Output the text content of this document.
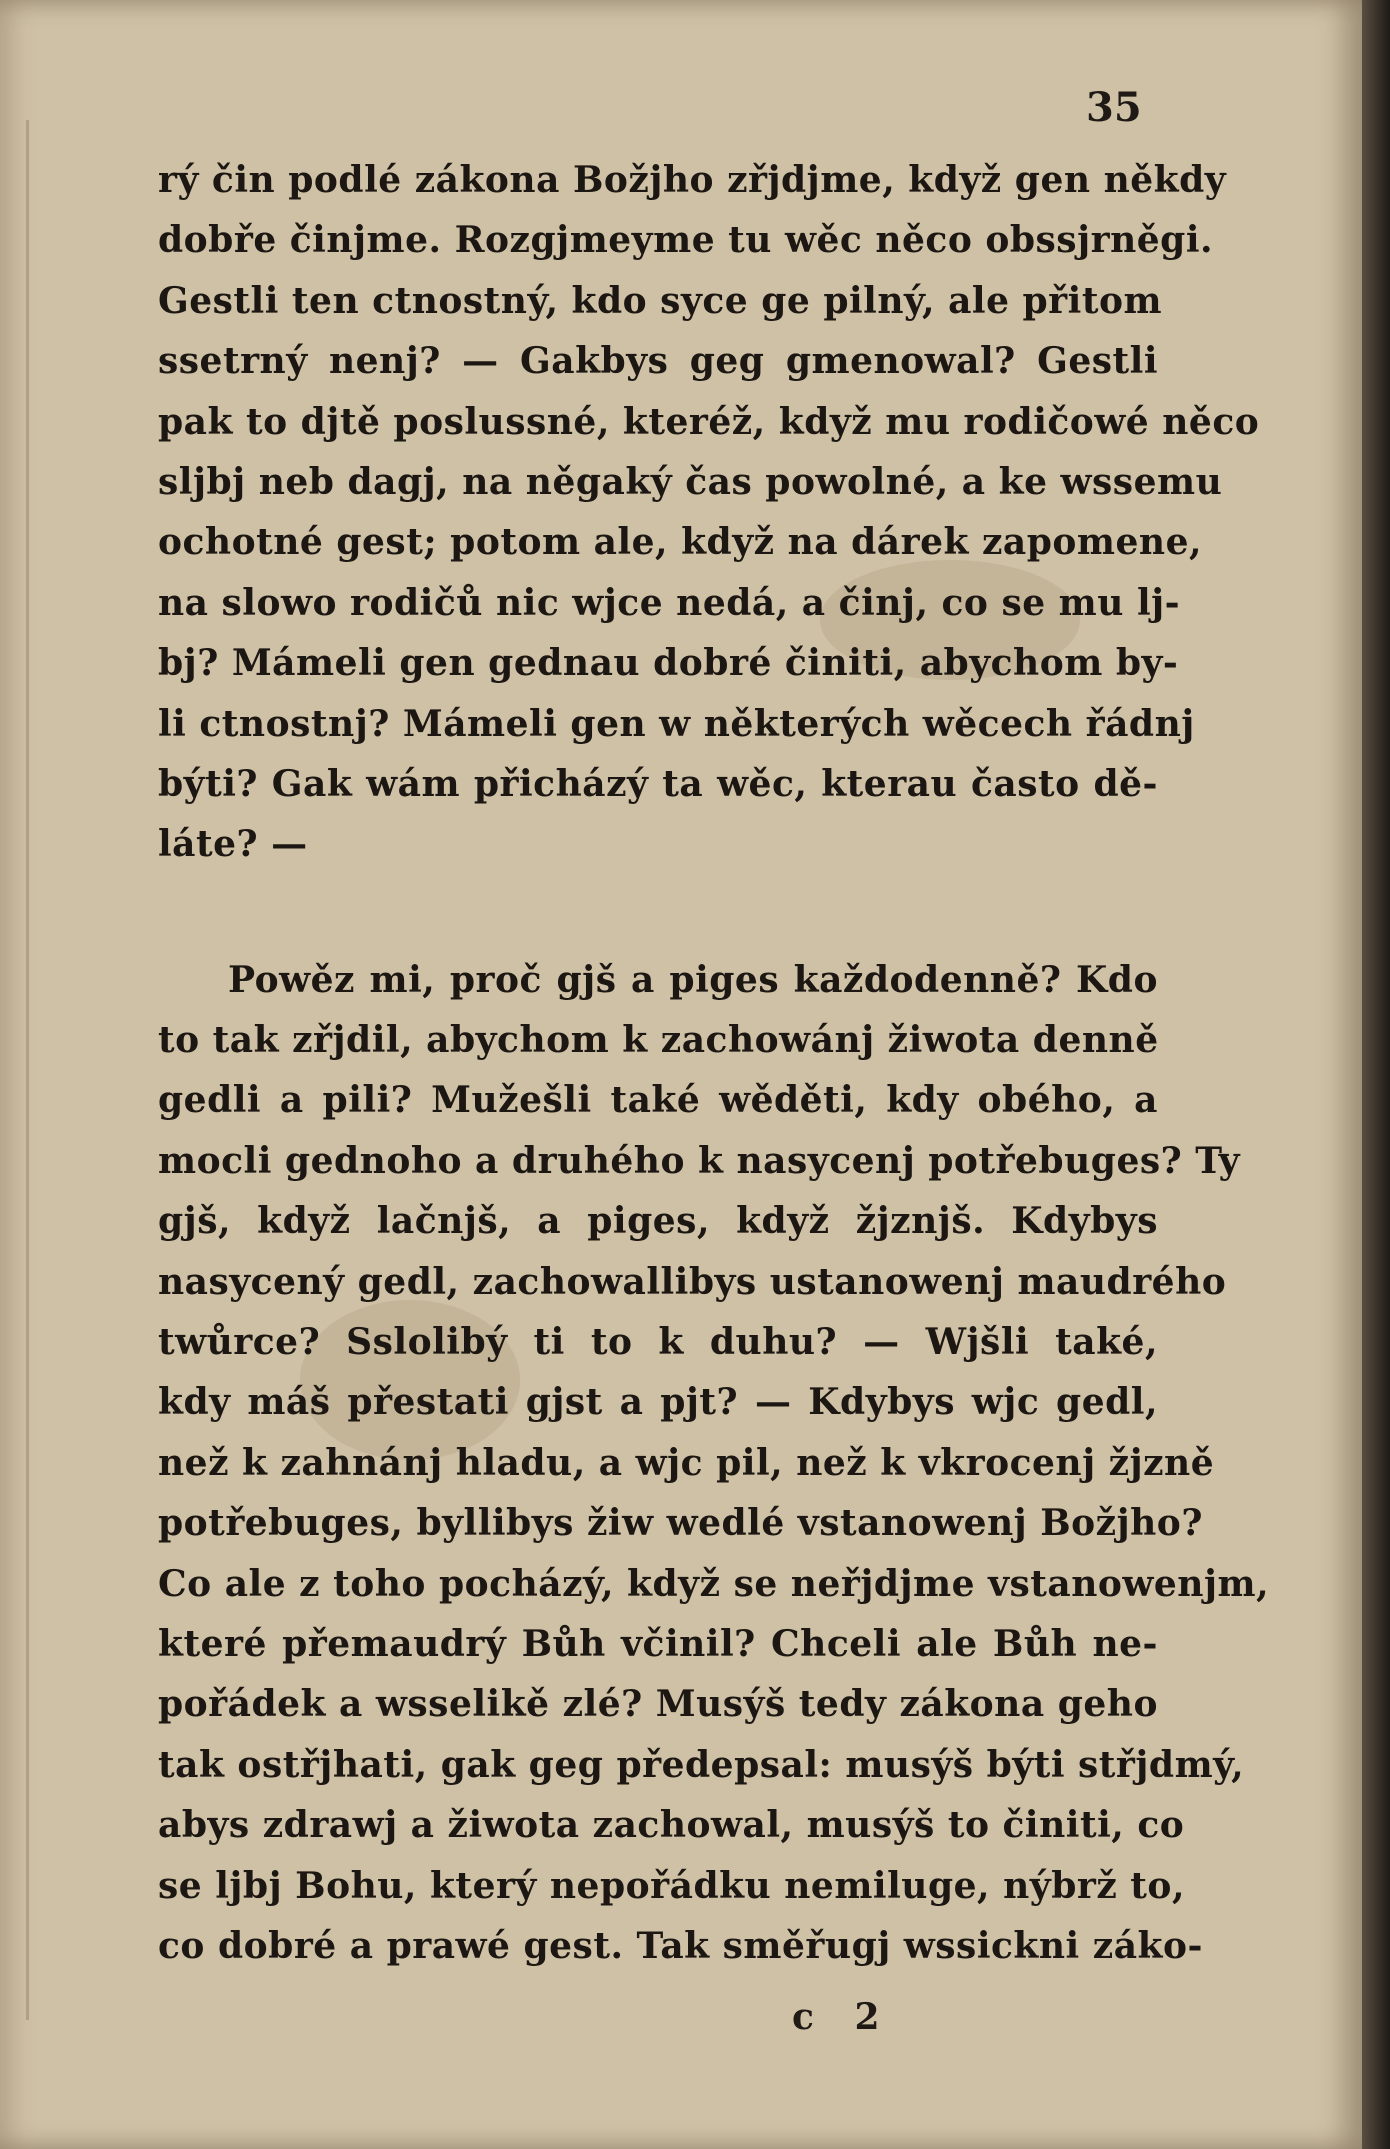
35
rý čin podlé zákona Božjho zřjdjme, když gen někdy
dobře činjme. Rozgjmeyme tu wěc něco obssjrněgi.
Gestli ten ctnostný, kdo syce ge pilný, ale přitom
ssetrný nenj? — Gakbys geg gmenowal? Gestli
pak to djtě poslussné, kteréž, když mu rodičowé něco
sljbj neb dagj, na něgaký čas powolné, a ke wssemu
ochotné gest; potom ale, když na dárek zapomene,
na slowo rodičů nic wjce nedá, a činj, co se mu lj-
bj? Mámeli gen gednau dobré činiti, abychom by-
li ctnostnj? Mámeli gen w některých wěcech řádnj
býti? Gak wám přicházý ta wěc, kterau často dě-
láte? —
Powěz mi, proč gjš a piges každodenně? Kdo
to tak zřjdil, abychom k zachowánj žiwota denně
gedli a pili? Mužešli také wěděti, kdy obého, a
mocli gednoho a druhého k nasycenj potřebuges? Ty
gjš, když lačnjš, a piges, když žjznjš. Kdybys
nasycený gedl, zachowallibys ustanowenj maudrého
twůrce? Sslolibý ti to k duhu? — Wjšli také,
kdy máš přestati gjst a pjt? — Kdybys wjc gedl,
než k zahnánj hladu, a wjc pil, než k vkrocenj žjzně
potřebuges, byllibys žiw wedlé vstanowenj Božjho?
Co ale z toho pocházý, když se neřjdjme vstanowenjm,
které přemaudrý Bůh včinil? Chceli ale Bůh ne-
pořádek a wsselikě zlé? Musýš tedy zákona geho
tak ostřjhati, gak geg předepsal: musýš býti střjdmý,
abys zdrawj a žiwota zachowal, musýš to činiti, co
se ljbj Bohu, který nepořádku nemiluge, nýbrž to,
co dobré a prawé gest. Tak směřugj wssickni záko-
c 2
